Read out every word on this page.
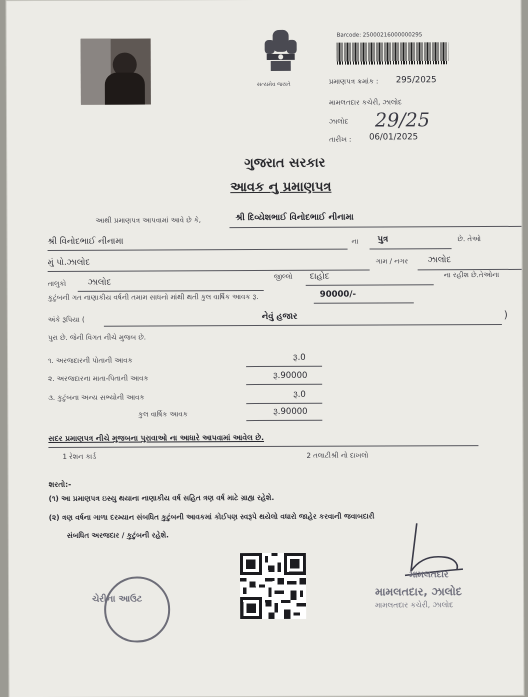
સત્યમેવ જયતે
Barcode: 25000216000000295
પ્રમાણપત્ર ક્રમાંક : 295/2025
મામલતદાર કચેરી, ઝાલોદ
ઝાલોદ 29/25
તારીખ : 06/01/2025
ગુજરાત સરકાર
આવક નુ પ્રમાણપત્ર
આથી પ્રમાણપત્ર આપવામાં આવે છે કે,	શ્રી દિવ્યેશભાઈ વિનોદભાઈ નીનામા
શ્રી વિનોદભાઈ નીનામા	ના પુત્ર	છે. તેઓ
મું પો.ઝાલોદ	ગામ / નગર ઝાલોદ
તાલુકો	ઝાલોદ
જીલ્લો દાહોદ	ના રહીશ છે.તેઓના
કુટુંબની ગત નાણાકીય વર્ષની તમામ સાધનો માંથી થતી કુલ વાર્ષિક આવક રૂ.	90000/-
અંકે રૂપિયા (	નેવું હજાર	)
પુરા છે. જેની વિગત નીચે મુજબ છે.
૧. અરજદારની પોતાની આવક	રૂ.0
૨. અરજદારના માતા-પિતાની આવક	રૂ.90000
૩. કુટુંબના અન્ય સભ્યોની આવક	રૂ.0
કુલ વાર્ષિક આવક	રૂ.90000
સદર પ્રમાણપત્ર નીચે મુજબના પુરાવાઓ ના આધારે આપવામાં આવેલ છે.
1 રેશન કાર્ડ	2 તલાટીશ્રી નો દાખલો
શરતો:-
(૧) આ પ્રમાણપત્ર ઇસ્યુ થયાના નાણાકીય વર્ષ સહિત ત્રણ વર્ષ માટે ગ્રાહ્ય રહેશે.
(૨) ત્રણ વર્ષના ગાળા દરમ્યાન સંબધિત કુટુંબની આવકમાં કોઈપણ સ્વરૂપે થયેલો વધારો જાહેર કરવાની જવાબદારી
સંબધિત અરજદાર / કુટુંબની રહેશે.
ચેરીના આઉટ
મામલતદાર
મામલતદાર, ઝાલોદ
મામલતદાર કચેરી, ઝાલોદ
